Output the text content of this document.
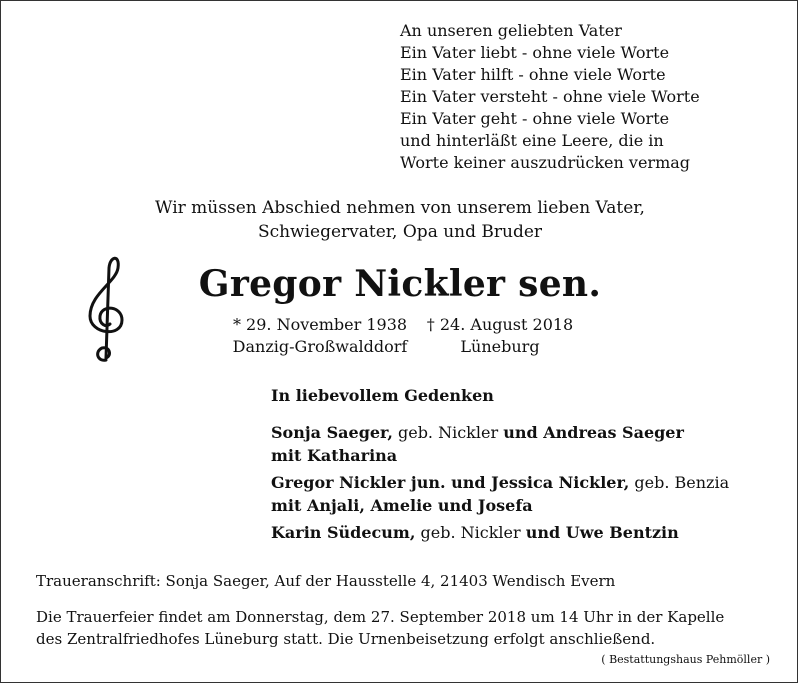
An unseren geliebten Vater
Ein Vater liebt - ohne viele Worte
Ein Vater hilft - ohne viele Worte
Ein Vater versteht - ohne viele Worte
Ein Vater geht - ohne viele Worte
und hinterläßt eine Leere, die in
Worte keiner auszudrücken vermag
Wir müssen Abschied nehmen von unserem lieben Vater,
Schwiegervater, Opa und Bruder
Gregor Nickler sen.
* 29. November 1938
Danzig-Großwalddorf
† 24. August 2018
Lüneburg
In liebevollem Gedenken
Sonja Saeger, geb. Nickler und Andreas Saeger
mit Katharina
Gregor Nickler jun. und Jessica Nickler, geb. Benzia
mit Anjali, Amelie und Josefa
Karin Südecum, geb. Nickler und Uwe Bentzin
Traueranschrift: Sonja Saeger, Auf der Hausstelle 4, 21403 Wendisch Evern
Die Trauerfeier findet am Donnerstag, dem 27. September 2018 um 14 Uhr in der Kapelle
des Zentralfriedhofes Lüneburg statt. Die Urnenbeisetzung erfolgt anschließend.
( Bestattungshaus Pehmöller )
